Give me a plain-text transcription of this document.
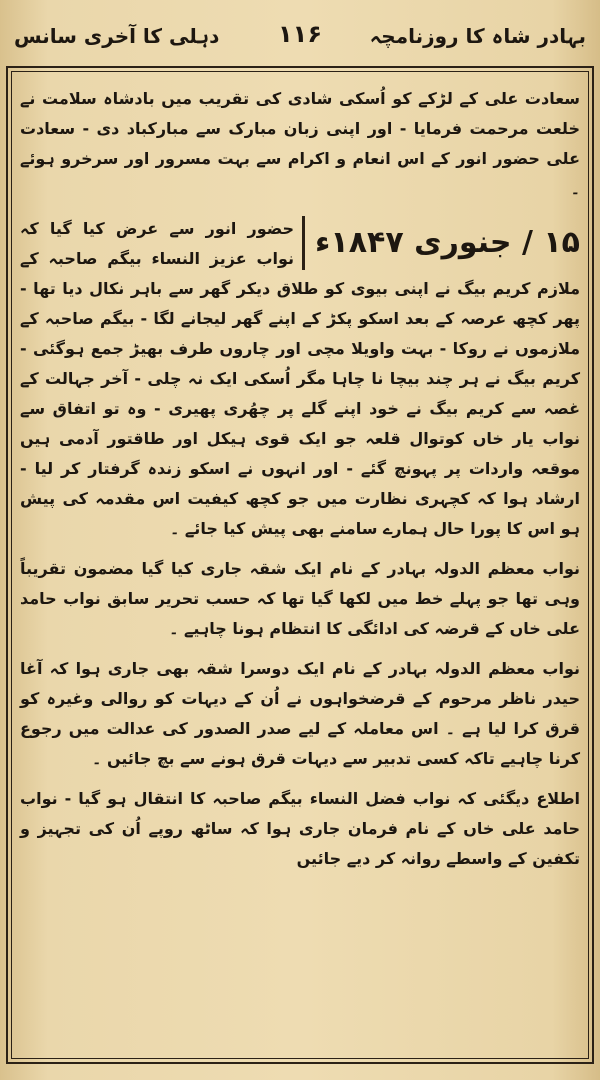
بہادر شاہ کا روزنامچہ
۱۱۶
دہلی کا آخری سانس

سعادت علی کے لڑکے کو اُسکی شادی کی تقریب میں بادشاہ سلامت نے خلعت مرحمت فرمایا - اور اپنی زبان مبارک سے مبارکباد دی - سعادت علی حضور انور کے اس انعام و اکرام سے بہت مسرور اور سرخرو ہوئے ۔

۱۵ / جنوری ۱۸۴۷ء

حضور انور سے عرض کیا گیا کہ نواب عزیز النساء بیگم صاحبہ کے ملازم کریم بیگ نے اپنی بیوی کو طلاق دیکر گھر سے باہر نکال دیا تھا - پھر کچھ عرصہ کے بعد اسکو پکڑ کے اپنے گھر لیجانے لگا - بیگم صاحبہ کے ملازموں نے روکا - بہت واویلا مچی اور چاروں طرف بھیڑ جمع ہوگئی - کریم بیگ نے ہر چند بیچا نا چاہا مگر اُسکی ایک نہ چلی - آخر جہالت کے غصہ سے کریم بیگ نے خود اپنے گلے پر چھُری پھیری - وہ تو اتفاق سے نواب یار خاں کوتوال قلعہ جو ایک قوی ہیکل اور طاقتور آدمی ہیں موقعہ واردات پر پہونچ گئے - اور انہوں نے اسکو زندہ گرفتار کر لیا - ارشاد ہوا کہ کچہری نظارت میں جو کچھ کیفیت اس مقدمہ کی پیش ہو اس کا پورا حال ہمارے سامنے بھی پیش کیا جائے ۔

نواب معظم الدولہ بہادر کے نام ایک شقہ جاری کیا گیا مضمون تقریباً وہی تھا جو پہلے خط میں لکھا گیا تھا کہ حسب تحریر سابق نواب حامد علی خاں کے قرضہ کی ادائگی کا انتظام ہونا چاہیے ۔

نواب معظم الدولہ بہادر کے نام ایک دوسرا شقہ بھی جاری ہوا کہ آغا حیدر ناظر مرحوم کے قرضخواہوں نے اُن کے دیہات کو روالی وغیرہ کو قرق کرا لیا ہے ۔ اس معاملہ کے لیے صدر الصدور کی عدالت میں رجوع کرنا چاہیے تاکہ کسی تدبیر سے دیہات قرق ہونے سے بچ جائیں ۔

اطلاع دیگئی کہ نواب فضل النساء بیگم صاحبہ کا انتقال ہو گیا - نواب حامد علی خاں کے نام فرمان جاری ہوا کہ ساٹھ روپے اُن کی تجہیز و تکفین کے واسطے روانہ کر دیے جائیں
